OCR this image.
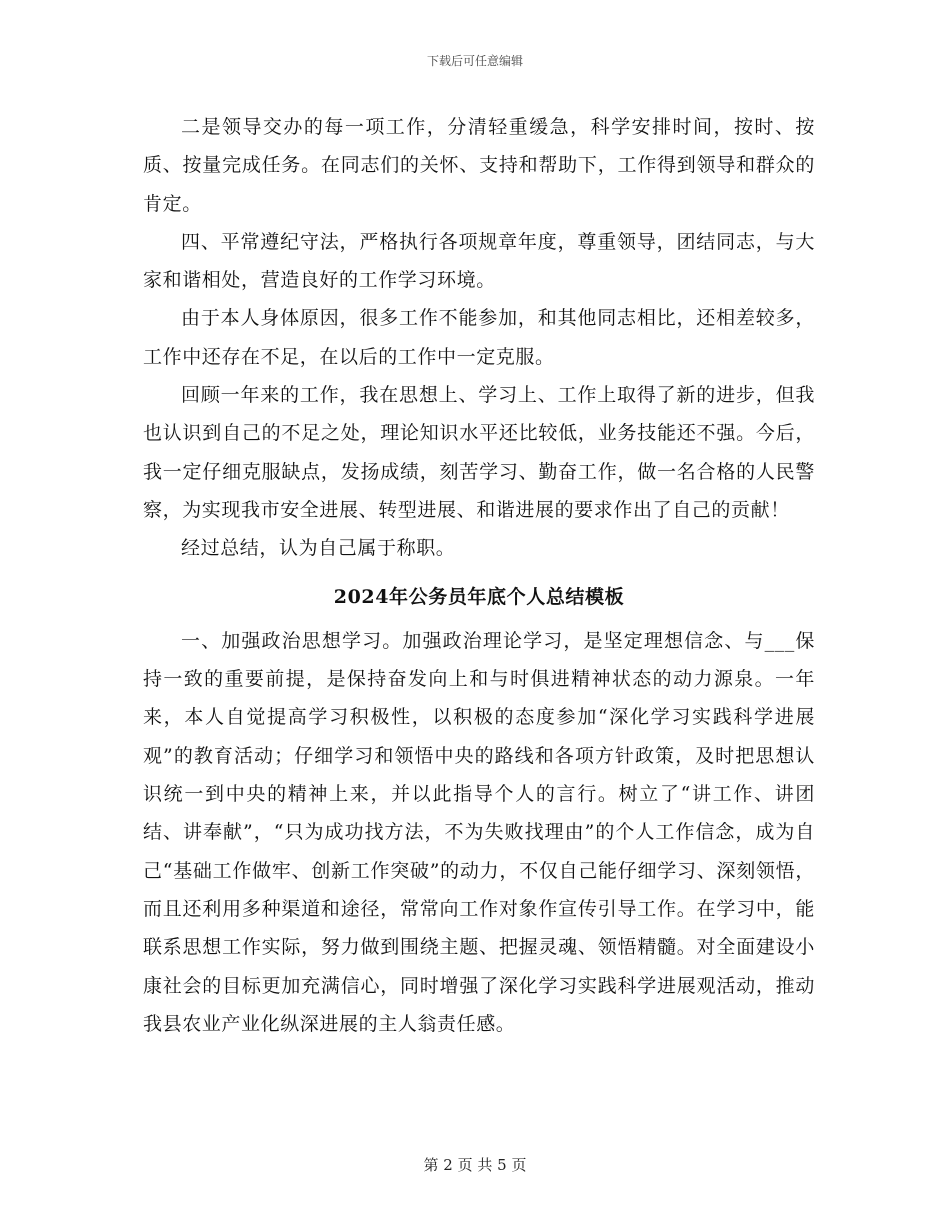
下载后可任意编辑

二是领导交办的每一项工作，分清轻重缓急，科学安排时间，按时、按质、按量完成任务。在同志们的关怀、支持和帮助下，工作得到领导和群众的肯定。

四、平常遵纪守法，严格执行各项规章年度，尊重领导，团结同志，与大家和谐相处，营造良好的工作学习环境。

由于本人身体原因，很多工作不能参加，和其他同志相比，还相差较多，工作中还存在不足，在以后的工作中一定克服。

回顾一年来的工作，我在思想上、学习上、工作上取得了新的进步，但我也认识到自己的不足之处，理论知识水平还比较低，业务技能还不强。今后，我一定仔细克服缺点，发扬成绩，刻苦学习、勤奋工作，做一名合格的人民警察，为实现我市安全进展、转型进展、和谐进展的要求作出了自己的贡献！

经过总结，认为自己属于称职。

2024年公务员年底个人总结模板

一、加强政治思想学习。加强政治理论学习，是坚定理想信念、与___保持一致的重要前提，是保持奋发向上和与时俱进精神状态的动力源泉。一年来，本人自觉提高学习积极性，以积极的态度参加“深化学习实践科学进展观”的教育活动；仔细学习和领悟中央的路线和各项方针政策，及时把思想认识统一到中央的精神上来，并以此指导个人的言行。树立了“讲工作、讲团结、讲奉献”，“只为成功找方法，不为失败找理由”的个人工作信念，成为自己“基础工作做牢、创新工作突破”的动力，不仅自己能仔细学习、深刻领悟，而且还利用多种渠道和途径，常常向工作对象作宣传引导工作。在学习中，能联系思想工作实际，努力做到围绕主题、把握灵魂、领悟精髓。对全面建设小康社会的目标更加充满信心，同时增强了深化学习实践科学进展观活动，推动我县农业产业化纵深进展的主人翁责任感。

第 2 页 共 5 页
